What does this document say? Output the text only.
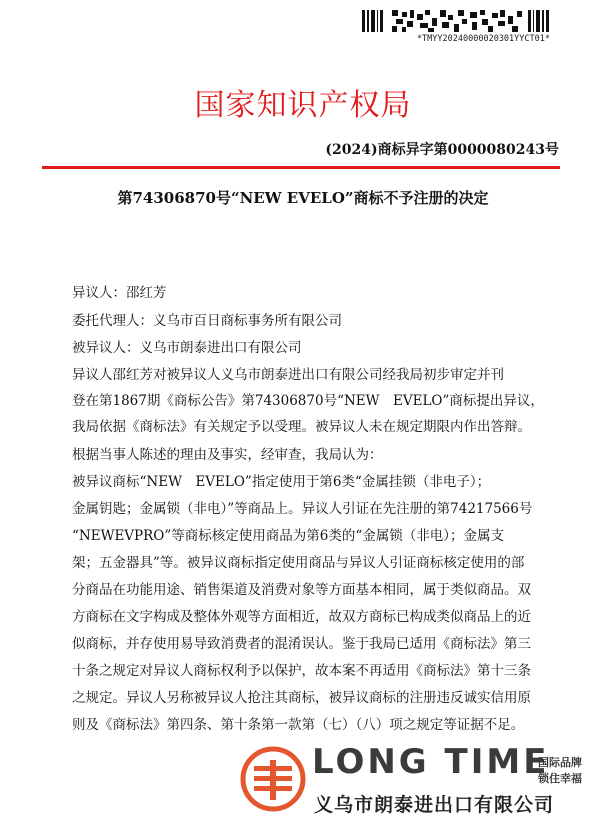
*TMYY20240000020301YYCT01*
国家知识产权局
(2024)商标异字第0000080243号
第74306870号“NEW EVELO”商标不予注册的决定
异议人：邵红芳
委托代理人：义乌市百日商标事务所有限公司
被异议人：义乌市朗泰进出口有限公司
异议人邵红芳对被异议人义乌市朗泰进出口有限公司经我局初步审定并刊
登在第1867期《商标公告》第74306870号“NEW　EVELO”商标提出异议，
我局依据《商标法》有关规定予以受理。被异议人未在规定期限内作出答辩。
根据当事人陈述的理由及事实，经审查，我局认为：
被异议商标“NEW　EVELO”指定使用于第6类“金属挂锁（非电子）；
金属钥匙；金属锁（非电）”等商品上。异议人引证在先注册的第74217566号
“NEWEVPRO”等商标核定使用商品为第6类的“金属锁（非电）；金属支
架；五金器具”等。被异议商标指定使用商品与异议人引证商标核定使用的部
分商品在功能用途、销售渠道及消费对象等方面基本相同，属于类似商品。双
方商标在文字构成及整体外观等方面相近，故双方商标已构成类似商品上的近
似商标，并存使用易导致消费者的混淆误认。鉴于我局已适用《商标法》第三
十条之规定对异议人商标权利予以保护，故本案不再适用《商标法》第十三条
之规定。异议人另称被异议人抢注其商标，被异议商标的注册违反诚实信用原
则及《商标法》第四条、第十条第一款第（七）（八）项之规定等证据不足。
LONG TIME
国际品牌
锁住幸福
义乌市朗泰进出口有限公司
